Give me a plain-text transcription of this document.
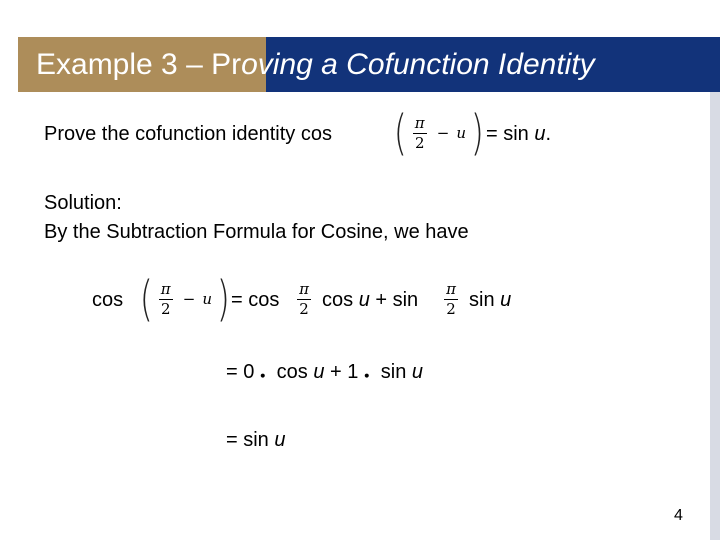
Example 3 – Proving a Cofunction Identity
Prove the cofunction identity cos ( $\frac{\pi}{2} - u$ ) = sin u.
Solution:
By the Subtraction Formula for Cosine, we have
cos ( $\frac{\pi}{2} - u$ ) = cos π
2 cos u + sin π
2 sin u
= 0 ∙ cos u + 1 ∙ sin u
= sin u
4
